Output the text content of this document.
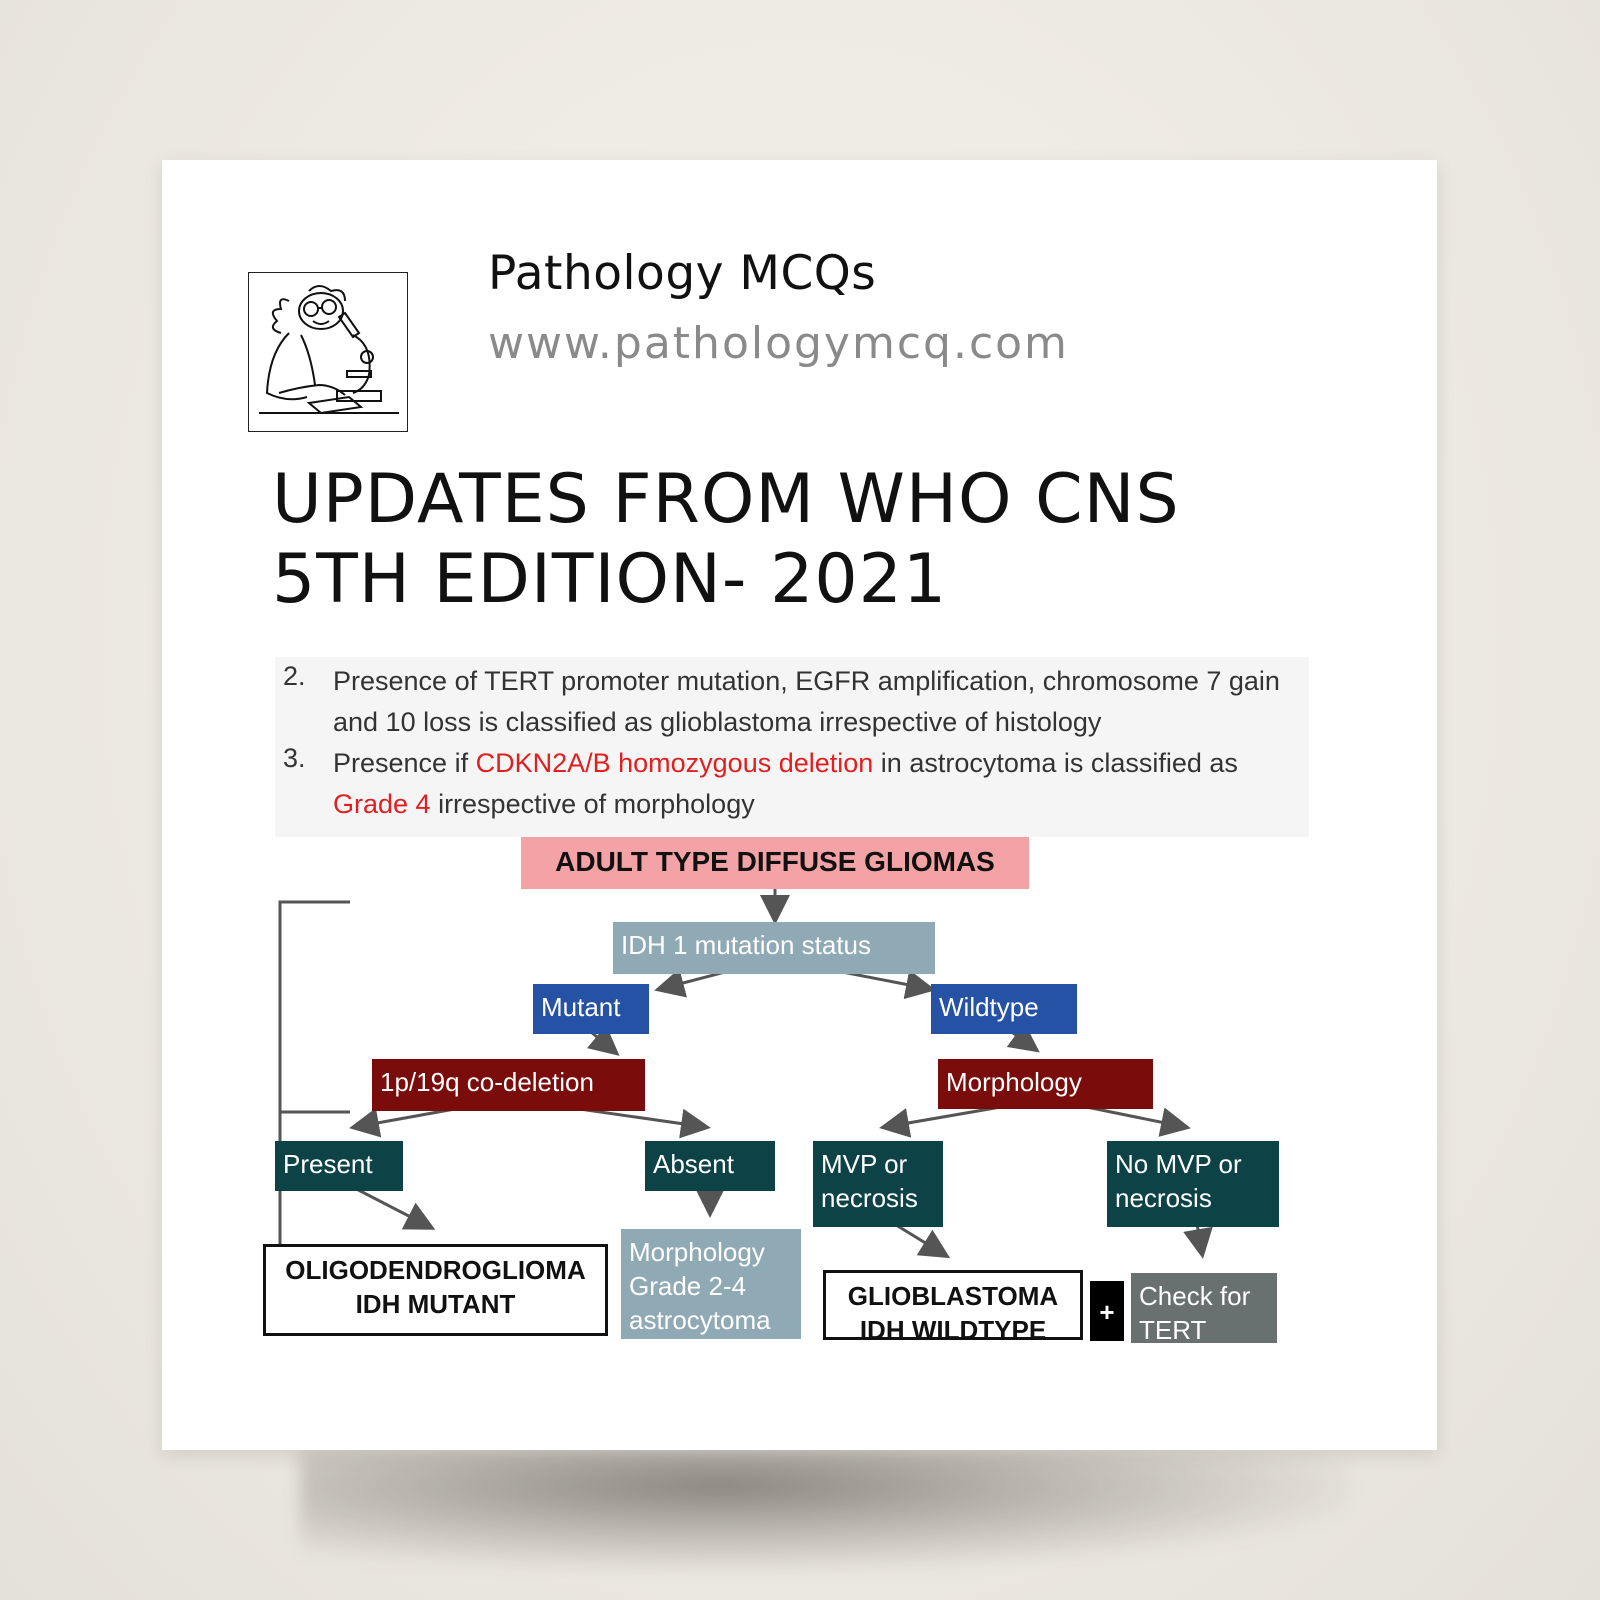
Pathology MCQs
www.pathologymcq.com
UPDATES FROM WHO CNS
5TH EDITION- 2021
2.	Presence of TERT promoter mutation, EGFR amplification, chromosome 7 gain and 10 loss is classified as glioblastoma irrespective of histology
3.	Presence if CDKN2A/B homozygous deletion in astrocytoma is classified as Grade 4 irrespective of morphology
ADULT TYPE DIFFUSE GLIOMAS
IDH 1 mutation status
Mutant	Wildtype
1p/19q co-deletion	Morphology
Present	Absent	MVP or necrosis
No MVP or necrosis
OLIGODENDROGLIOMA
IDH MUTANT
Morphology Grade 2-4 astrocytoma
GLIOBLASTOMA
IDH WILDTYPE
+
Check for TERT
